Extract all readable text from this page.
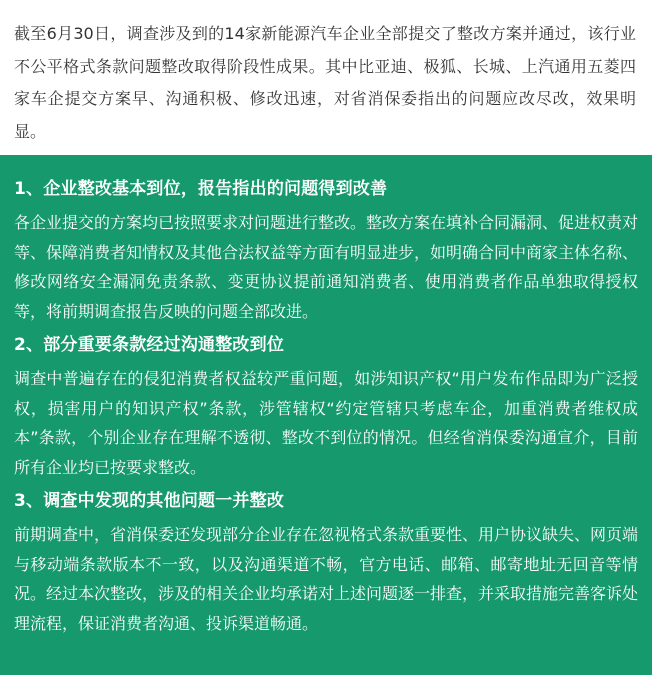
截至6月30日，调查涉及到的14家新能源汽车企业全部提交了整改方案并通过，该行业不公平格式条款问题整改取得阶段性成果。其中比亚迪、极狐、长城、上汽通用五菱四家车企提交方案早、沟通积极、修改迅速，对省消保委指出的问题应改尽改，效果明显。
1、企业整改基本到位，报告指出的问题得到改善
各企业提交的方案均已按照要求对问题进行整改。整改方案在填补合同漏洞、促进权责对等、保障消费者知情权及其他合法权益等方面有明显进步，如明确合同中商家主体名称、修改网络安全漏洞免责条款、变更协议提前通知消费者、使用消费者作品单独取得授权等，将前期调查报告反映的问题全部改进。
2、部分重要条款经过沟通整改到位
调查中普遍存在的侵犯消费者权益较严重问题，如涉知识产权“用户发布作品即为广泛授权，损害用户的知识产权”条款，涉管辖权“约定管辖只考虑车企，加重消费者维权成本”条款，个别企业存在理解不透彻、整改不到位的情况。但经省消保委沟通宣介，目前所有企业均已按要求整改。
3、调查中发现的其他问题一并整改
前期调查中，省消保委还发现部分企业存在忽视格式条款重要性、用户协议缺失、网页端与移动端条款版本不一致，以及沟通渠道不畅，官方电话、邮箱、邮寄地址无回音等情况。经过本次整改，涉及的相关企业均承诺对上述问题逐一排查，并采取措施完善客诉处理流程，保证消费者沟通、投诉渠道畅通。
